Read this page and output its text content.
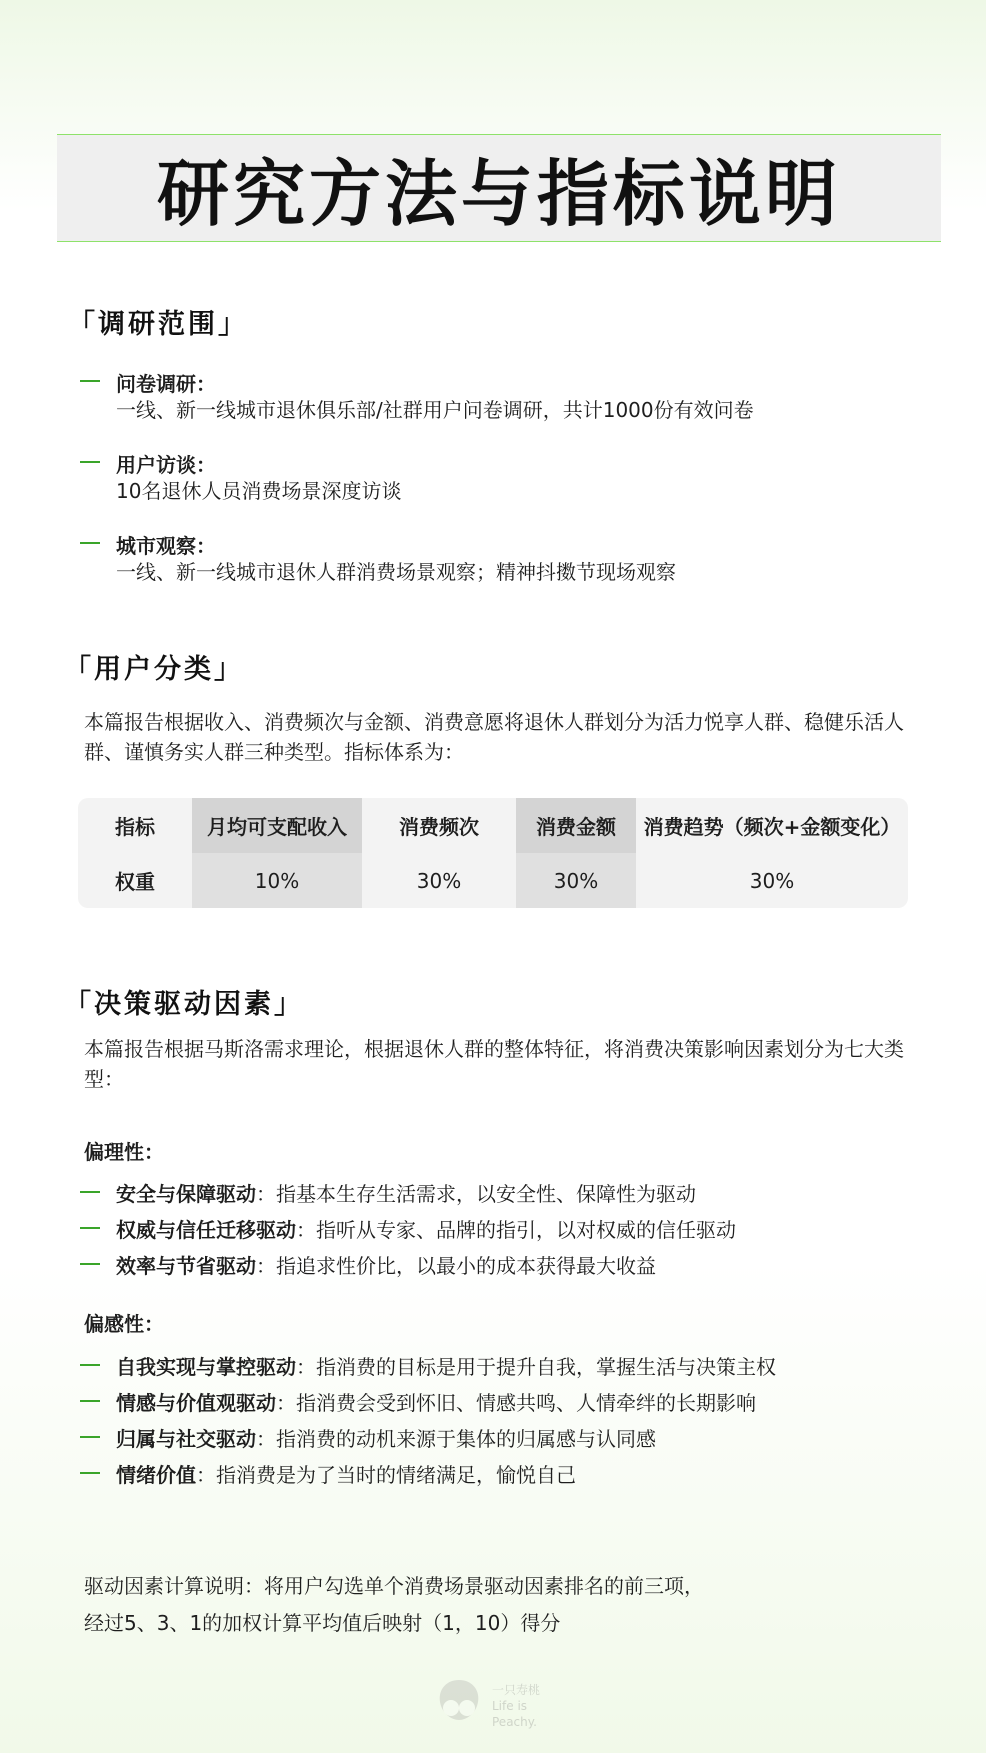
研究方法与指标说明
「调研范围」
问卷调研：
一线、新一线城市退休俱乐部/社群用户问卷调研，共计1000份有效问卷
用户访谈：
10名退休人员消费场景深度访谈
城市观察：
一线、新一线城市退休人群消费场景观察；精神抖擞节现场观察
「用户分类」
本篇报告根据收入、消费频次与金额、消费意愿将退休人群划分为活力悦享人群、稳健乐活人群、谨慎务实人群三种类型。指标体系为：
指标
权重
月均可支配收入
10%
消费频次
30%
消费金额
30%
消费趋势（频次+金额变化）
30%
「决策驱动因素」
本篇报告根据马斯洛需求理论，根据退休人群的整体特征，将消费决策影响因素划分为七大类型：
偏理性：
安全与保障驱动：指基本生存生活需求，以安全性、保障性为驱动
权威与信任迁移驱动：指听从专家、品牌的指引，以对权威的信任驱动
效率与节省驱动：指追求性价比，以最小的成本获得最大收益
偏感性：
自我实现与掌控驱动：指消费的目标是用于提升自我，掌握生活与决策主权
情感与价值观驱动：指消费会受到怀旧、情感共鸣、人情牵绊的长期影响
归属与社交驱动：指消费的动机来源于集体的归属感与认同感
情绪价值：指消费是为了当时的情绪满足，愉悦自己
驱动因素计算说明：将用户勾选单个消费场景驱动因素排名的前三项，
经过5、3、1的加权计算平均值后映射（1，10）得分
一只寿桃
Life is Peachy.
